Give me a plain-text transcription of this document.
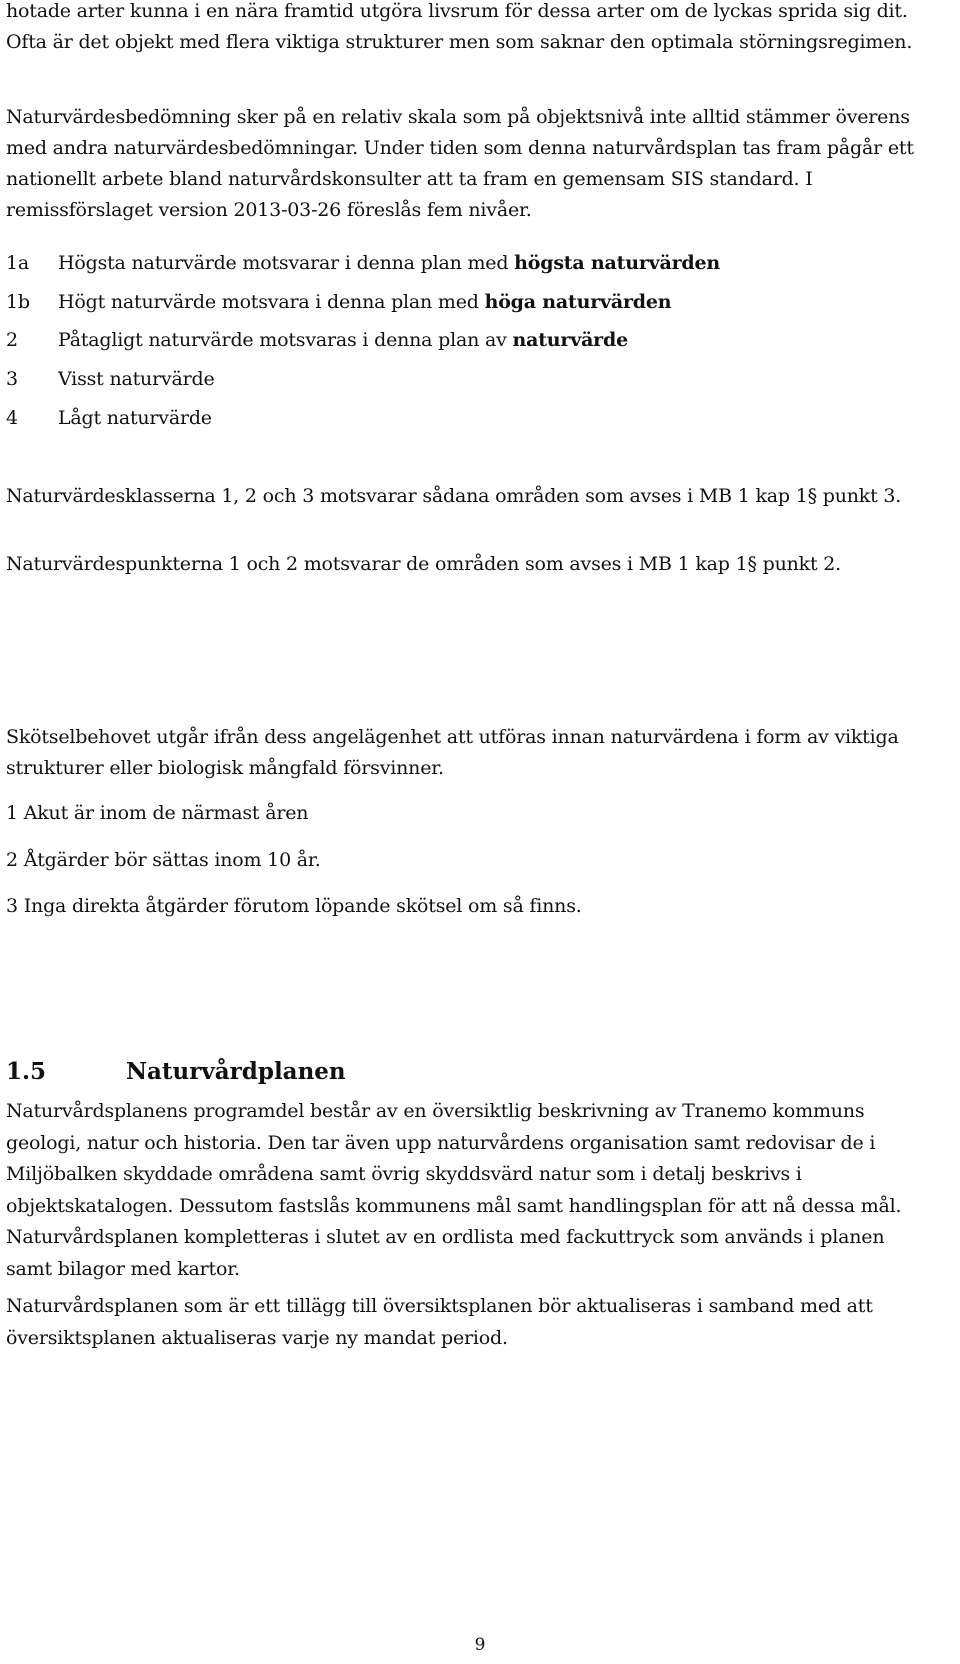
hotade arter kunna i en nära framtid utgöra livsrum för dessa arter om de lyckas sprida sig dit. Ofta är det objekt med flera viktiga strukturer men som saknar den optimala störningsregimen.

Naturvärdesbedömning sker på en relativ skala som på objektsnivå inte alltid stämmer överens med andra naturvärdesbedömningar. Under tiden som denna naturvårdsplan tas fram pågår ett nationellt arbete bland naturvårdskonsulter att ta fram en gemensam SIS standard. I remissförslaget version 2013-03-26 föreslås fem nivåer.

1a Högsta naturvärde motsvarar i denna plan med högsta naturvärden
1b Högt naturvärde motsvara i denna plan med höga naturvärden
2 Påtagligt naturvärde motsvaras i denna plan av naturvärde
3 Visst naturvärde
4 Lågt naturvärde

Naturvärdesklasserna 1, 2 och 3 motsvarar sådana områden som avses i MB 1 kap 1§ punkt 3.

Naturvärdespunkterna 1 och 2 motsvarar de områden som avses i MB 1 kap 1§ punkt 2.

Skötselbehovet utgår ifrån dess angelägenhet att utföras innan naturvärdena i form av viktiga strukturer eller biologisk mångfald försvinner.

1 Akut är inom de närmast åren
2 Åtgärder bör sättas inom 10 år.
3 Inga direkta åtgärder förutom löpande skötsel om så finns.
1.5	Naturvårdplanen

Naturvårdsplanens programdel består av en översiktlig beskrivning av Tranemo kommuns geologi, natur och historia. Den tar även upp naturvårdens organisation samt redovisar de i Miljöbalken skyddade områdena samt övrig skyddsvärd natur som i detalj beskrivs i objektskatalogen. Dessutom fastslås kommunens mål samt handlingsplan för att nå dessa mål. Naturvårdsplanen kompletteras i slutet av en ordlista med fackuttryck som används i planen samt bilagor med kartor.

Naturvårdsplanen som är ett tillägg till översiktsplanen bör aktualiseras i samband med att översiktsplanen aktualiseras varje ny mandat period.

9
